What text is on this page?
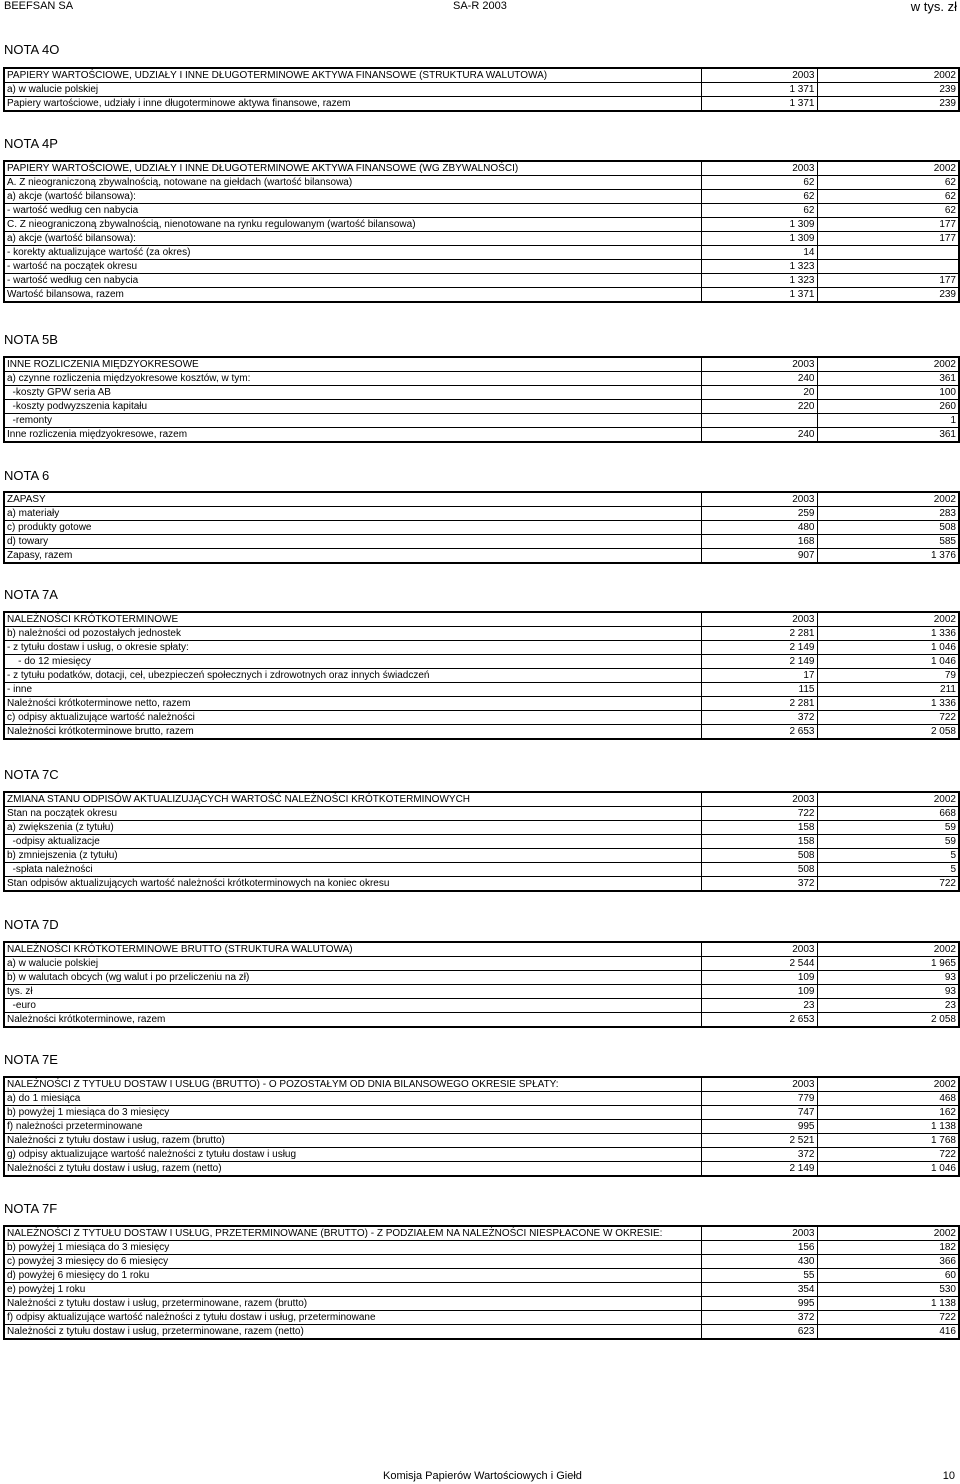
BEEFSAN SA	SA-R 2003	w tys. zł
NOTA 4O
PAPIERY WARTOŚCIOWE, UDZIAŁY I INNE DŁUGOTERMINOWE AKTYWA FINANSOWE (STRUKTURA WALUTOWA)	2003	2002
a) w walucie polskiej	1 371	239
Papiery wartościowe, udziały i inne długoterminowe aktywa finansowe, razem	1 371	239
NOTA 4P
PAPIERY WARTOŚCIOWE, UDZIAŁY I INNE DŁUGOTERMINOWE AKTYWA FINANSOWE (WG ZBYWALNOŚCI)	2003	2002
A. Z nieograniczoną zbywalnością, notowane na giełdach (wartość bilansowa)	62	62
a) akcje (wartość bilansowa):	62	62
- wartość według cen nabycia	62	62
C. Z nieograniczoną zbywalnością, nienotowane na rynku regulowanym (wartość bilansowa)	1 309	177
a) akcje (wartość bilansowa):	1 309	177
- korekty aktualizujące wartość (za okres)	14	
- wartość na początek okresu	1 323	
- wartość według cen nabycia	1 323	177
Wartość bilansowa, razem	1 371	239
NOTA 5B
INNE ROZLICZENIA MIĘDZYOKRESOWE	2003	2002
a) czynne rozliczenia międzyokresowe kosztów, w tym:	240	361
-koszty GPW seria AB	20	100
-koszty podwyzszenia kapitału	220	260
-remonty		1
Inne rozliczenia międzyokresowe, razem	240	361
NOTA 6
ZAPASY	2003	2002
a) materiały	259	283
c) produkty gotowe	480	508
d) towary	168	585
Zapasy, razem	907	1 376
NOTA 7A
NALEŻNOŚCI KRÓTKOTERMINOWE	2003	2002
b) należności od pozostałych jednostek	2 281	1 336
- z tytułu dostaw i usług, o okresie spłaty:	2 149	1 046
- do 12 miesięcy	2 149	1 046
- z tytułu podatków, dotacji, ceł, ubezpieczeń społecznych i zdrowotnych oraz innych świadczeń	17	79
- inne	115	211
Należności krótkoterminowe netto, razem	2 281	1 336
c) odpisy aktualizujące wartość należności	372	722
Należności krótkoterminowe brutto, razem	2 653	2 058
NOTA 7C
ZMIANA STANU ODPISÓW AKTUALIZUJĄCYCH WARTOŚĆ NALEŻNOŚCI KRÓTKOTERMINOWYCH	2003	2002
Stan na początek okresu	722	668
a) zwiększenia (z tytułu)	158	59
-odpisy aktualizacje	158	59
b) zmniejszenia (z tytułu)	508	5
-spłata należności	508	5
Stan odpisów aktualizujących wartość należności krótkoterminowych na koniec okresu	372	722
NOTA 7D
NALEŻNOŚCI KRÓTKOTERMINOWE BRUTTO (STRUKTURA WALUTOWA)	2003	2002
a) w walucie polskiej	2 544	1 965
b) w walutach obcych (wg walut i po przeliczeniu na zł)	109	93
tys. zł	109	93
-euro	23	23
Należności krótkoterminowe, razem	2 653	2 058
NOTA 7E
NALEŻNOŚCI Z TYTUŁU DOSTAW I USŁUG (BRUTTO) - O POZOSTAŁYM OD DNIA BILANSOWEGO OKRESIE SPŁATY:	2003	2002
a) do 1 miesiąca	779	468
b) powyżej 1 miesiąca do 3 miesięcy	747	162
f) należności przeterminowane	995	1 138
Należności z tytułu dostaw i usług, razem (brutto)	2 521	1 768
g) odpisy aktualizujące wartość należności z tytułu dostaw i usług	372	722
Należności z tytułu dostaw i usług, razem (netto)	2 149	1 046
NOTA 7F
NALEŻNOŚCI Z TYTUŁU DOSTAW I USŁUG, PRZETERMINOWANE (BRUTTO) - Z PODZIAŁEM NA NALEŻNOŚCI NIESPŁACONE W OKRESIE:	2003	2002
b) powyżej 1 miesiąca do 3 miesięcy	156	182
c) powyżej 3 miesięcy do 6 miesięcy	430	366
d) powyżej 6 miesięcy do 1 roku	55	60
e) powyżej 1 roku	354	530
Należności z tytułu dostaw i usług, przeterminowane, razem (brutto)	995	1 138
f) odpisy aktualizujące wartość należności z tytułu dostaw i usług, przeterminowane	372	722
Należności z tytułu dostaw i usług, przeterminowane, razem (netto)	623	416
Komisja Papierów Wartościowych i Giełd	10
